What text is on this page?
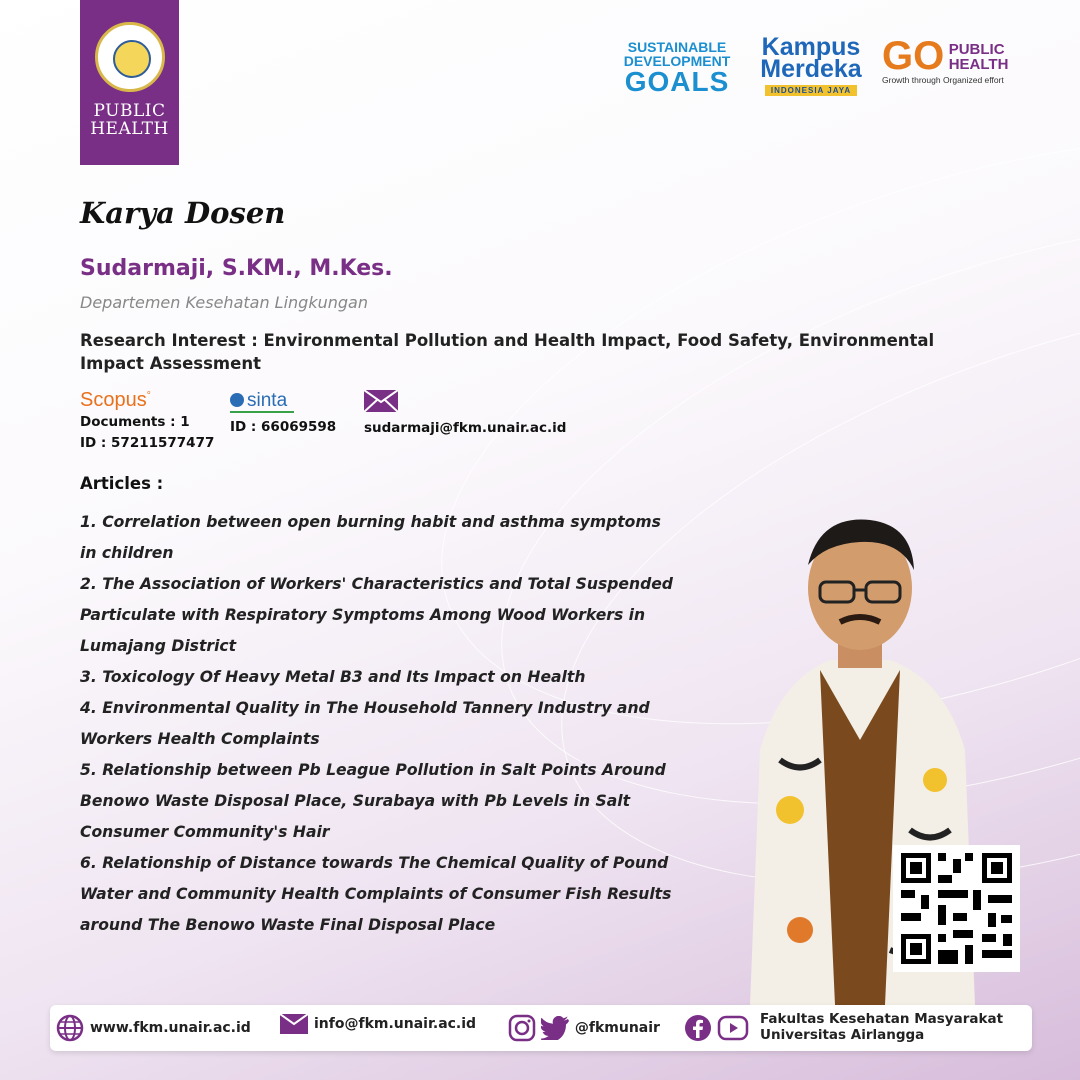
PUBLIC
HEALTH
SUSTAINABLE
DEVELOPMENT
GOALS
Kampus
Merdeka
INDONESIA JAYA
GO PUBLIC
HEALTH
Growth through Organized effort
Karya Dosen
Sudarmaji, S.KM., M.Kes.
Departemen Kesehatan Lingkungan
Research Interest : Environmental Pollution and Health Impact, Food Safety, Environmental Impact Assessment
Scopus°
Documents : 1
ID : 57211577477
sinta
ID : 66069598 sudarmaji@fkm.unair.ac.id
Articles :
1. Correlation between open burning habit and asthma symptoms in children
2. The Association of Workers' Characteristics and Total Suspended Particulate with Respiratory Symptoms Among Wood Workers in Lumajang District
3. Toxicology Of Heavy Metal B3 and Its Impact on Health
4. Environmental Quality in The Household Tannery Industry and Workers Health Complaints
5. Relationship between Pb League Pollution in Salt Points Around Benowo Waste Disposal Place, Surabaya with Pb Levels in Salt Consumer Community's Hair
6. Relationship of Distance towards The Chemical Quality of Pound Water and Community Health Complaints of Consumer Fish Results around The Benowo Waste Final Disposal Place
www.fkm.unair.ac.id	info@fkm.unair.ac.id	@fkmunair

Fakultas Kesehatan Masyarakat
Universitas Airlangga
